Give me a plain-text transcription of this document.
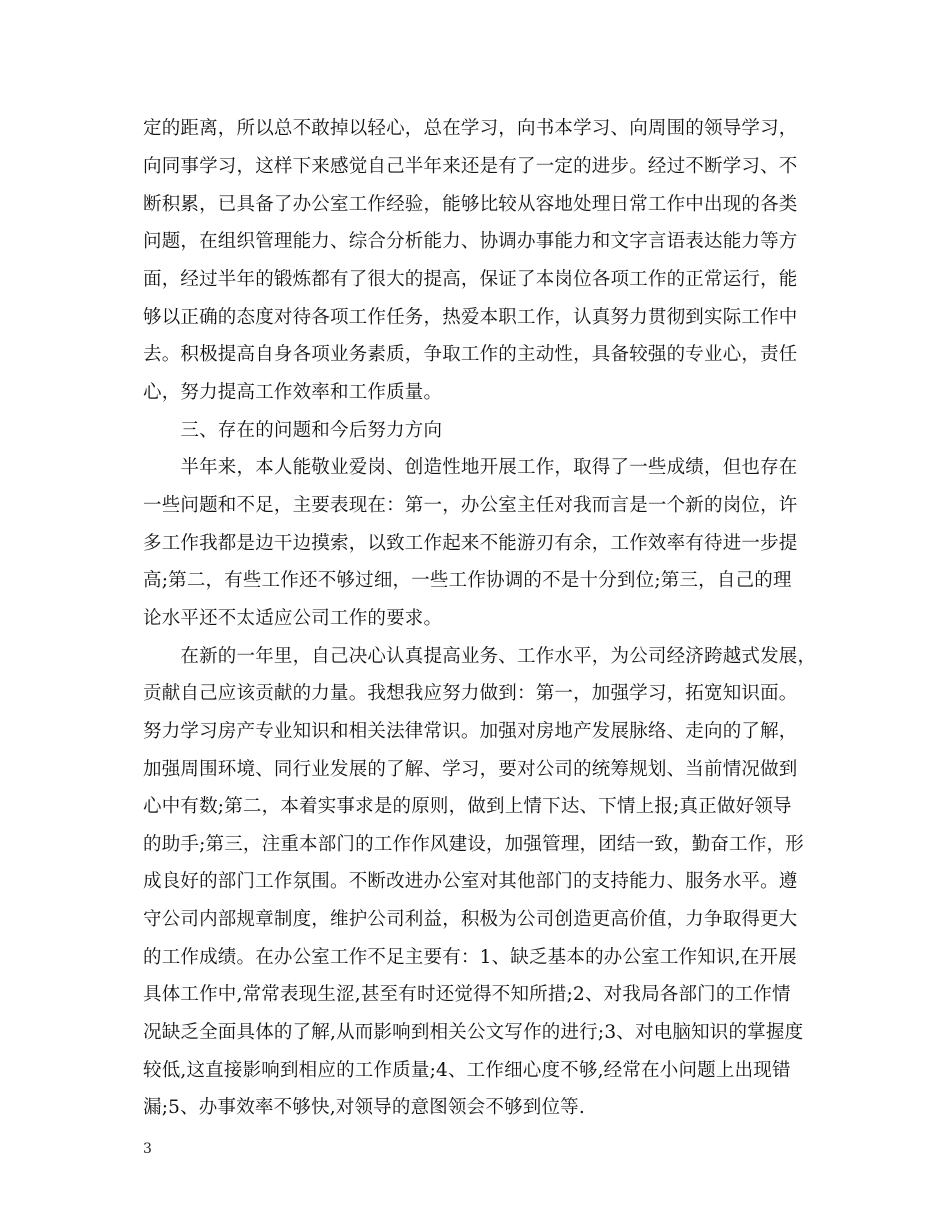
定的距离，所以总不敢掉以轻心，总在学习，向书本学习、向周围的领导学习，

向同事学习，这样下来感觉自己半年来还是有了一定的进步。经过不断学习、不

断积累，已具备了办公室工作经验，能够比较从容地处理日常工作中出现的各类

问题，在组织管理能力、综合分析能力、协调办事能力和文字言语表达能力等方

面，经过半年的锻炼都有了很大的提高，保证了本岗位各项工作的正常运行，能

够以正确的态度对待各项工作任务，热爱本职工作，认真努力贯彻到实际工作中

去。积极提高自身各项业务素质，争取工作的主动性，具备较强的专业心，责任

心，努力提高工作效率和工作质量。

　　三、存在的问题和今后努力方向

　　半年来，本人能敬业爱岗、创造性地开展工作，取得了一些成绩，但也存在

一些问题和不足，主要表现在：第一，办公室主任对我而言是一个新的岗位，许

多工作我都是边干边摸索，以致工作起来不能游刃有余，工作效率有待进一步提

高;第二，有些工作还不够过细，一些工作协调的不是十分到位;第三，自己的理

论水平还不太适应公司工作的要求。

　　在新的一年里，自己决心认真提高业务、工作水平，为公司经济跨越式发展，

贡献自己应该贡献的力量。我想我应努力做到：第一，加强学习，拓宽知识面。

努力学习房产专业知识和相关法律常识。加强对房地产发展脉络、走向的了解，

加强周围环境、同行业发展的了解、学习，要对公司的统筹规划、当前情况做到

心中有数;第二，本着实事求是的原则，做到上情下达、下情上报;真正做好领导

的助手;第三，注重本部门的工作作风建设，加强管理，团结一致，勤奋工作，形

成良好的部门工作氛围。不断改进办公室对其他部门的支持能力、服务水平。遵

守公司内部规章制度，维护公司利益，积极为公司创造更高价值，力争取得更大

的工作成绩。在办公室工作不足主要有：1、缺乏基本的办公室工作知识,在开展

具体工作中,常常表现生涩,甚至有时还觉得不知所措;2、对我局各部门的工作情

况缺乏全面具体的了解,从而影响到相关公文写作的进行;3、对电脑知识的掌握度

较低,这直接影响到相应的工作质量;4、工作细心度不够,经常在小问题上出现错

漏;5、办事效率不够快,对领导的意图领会不够到位等.

3
